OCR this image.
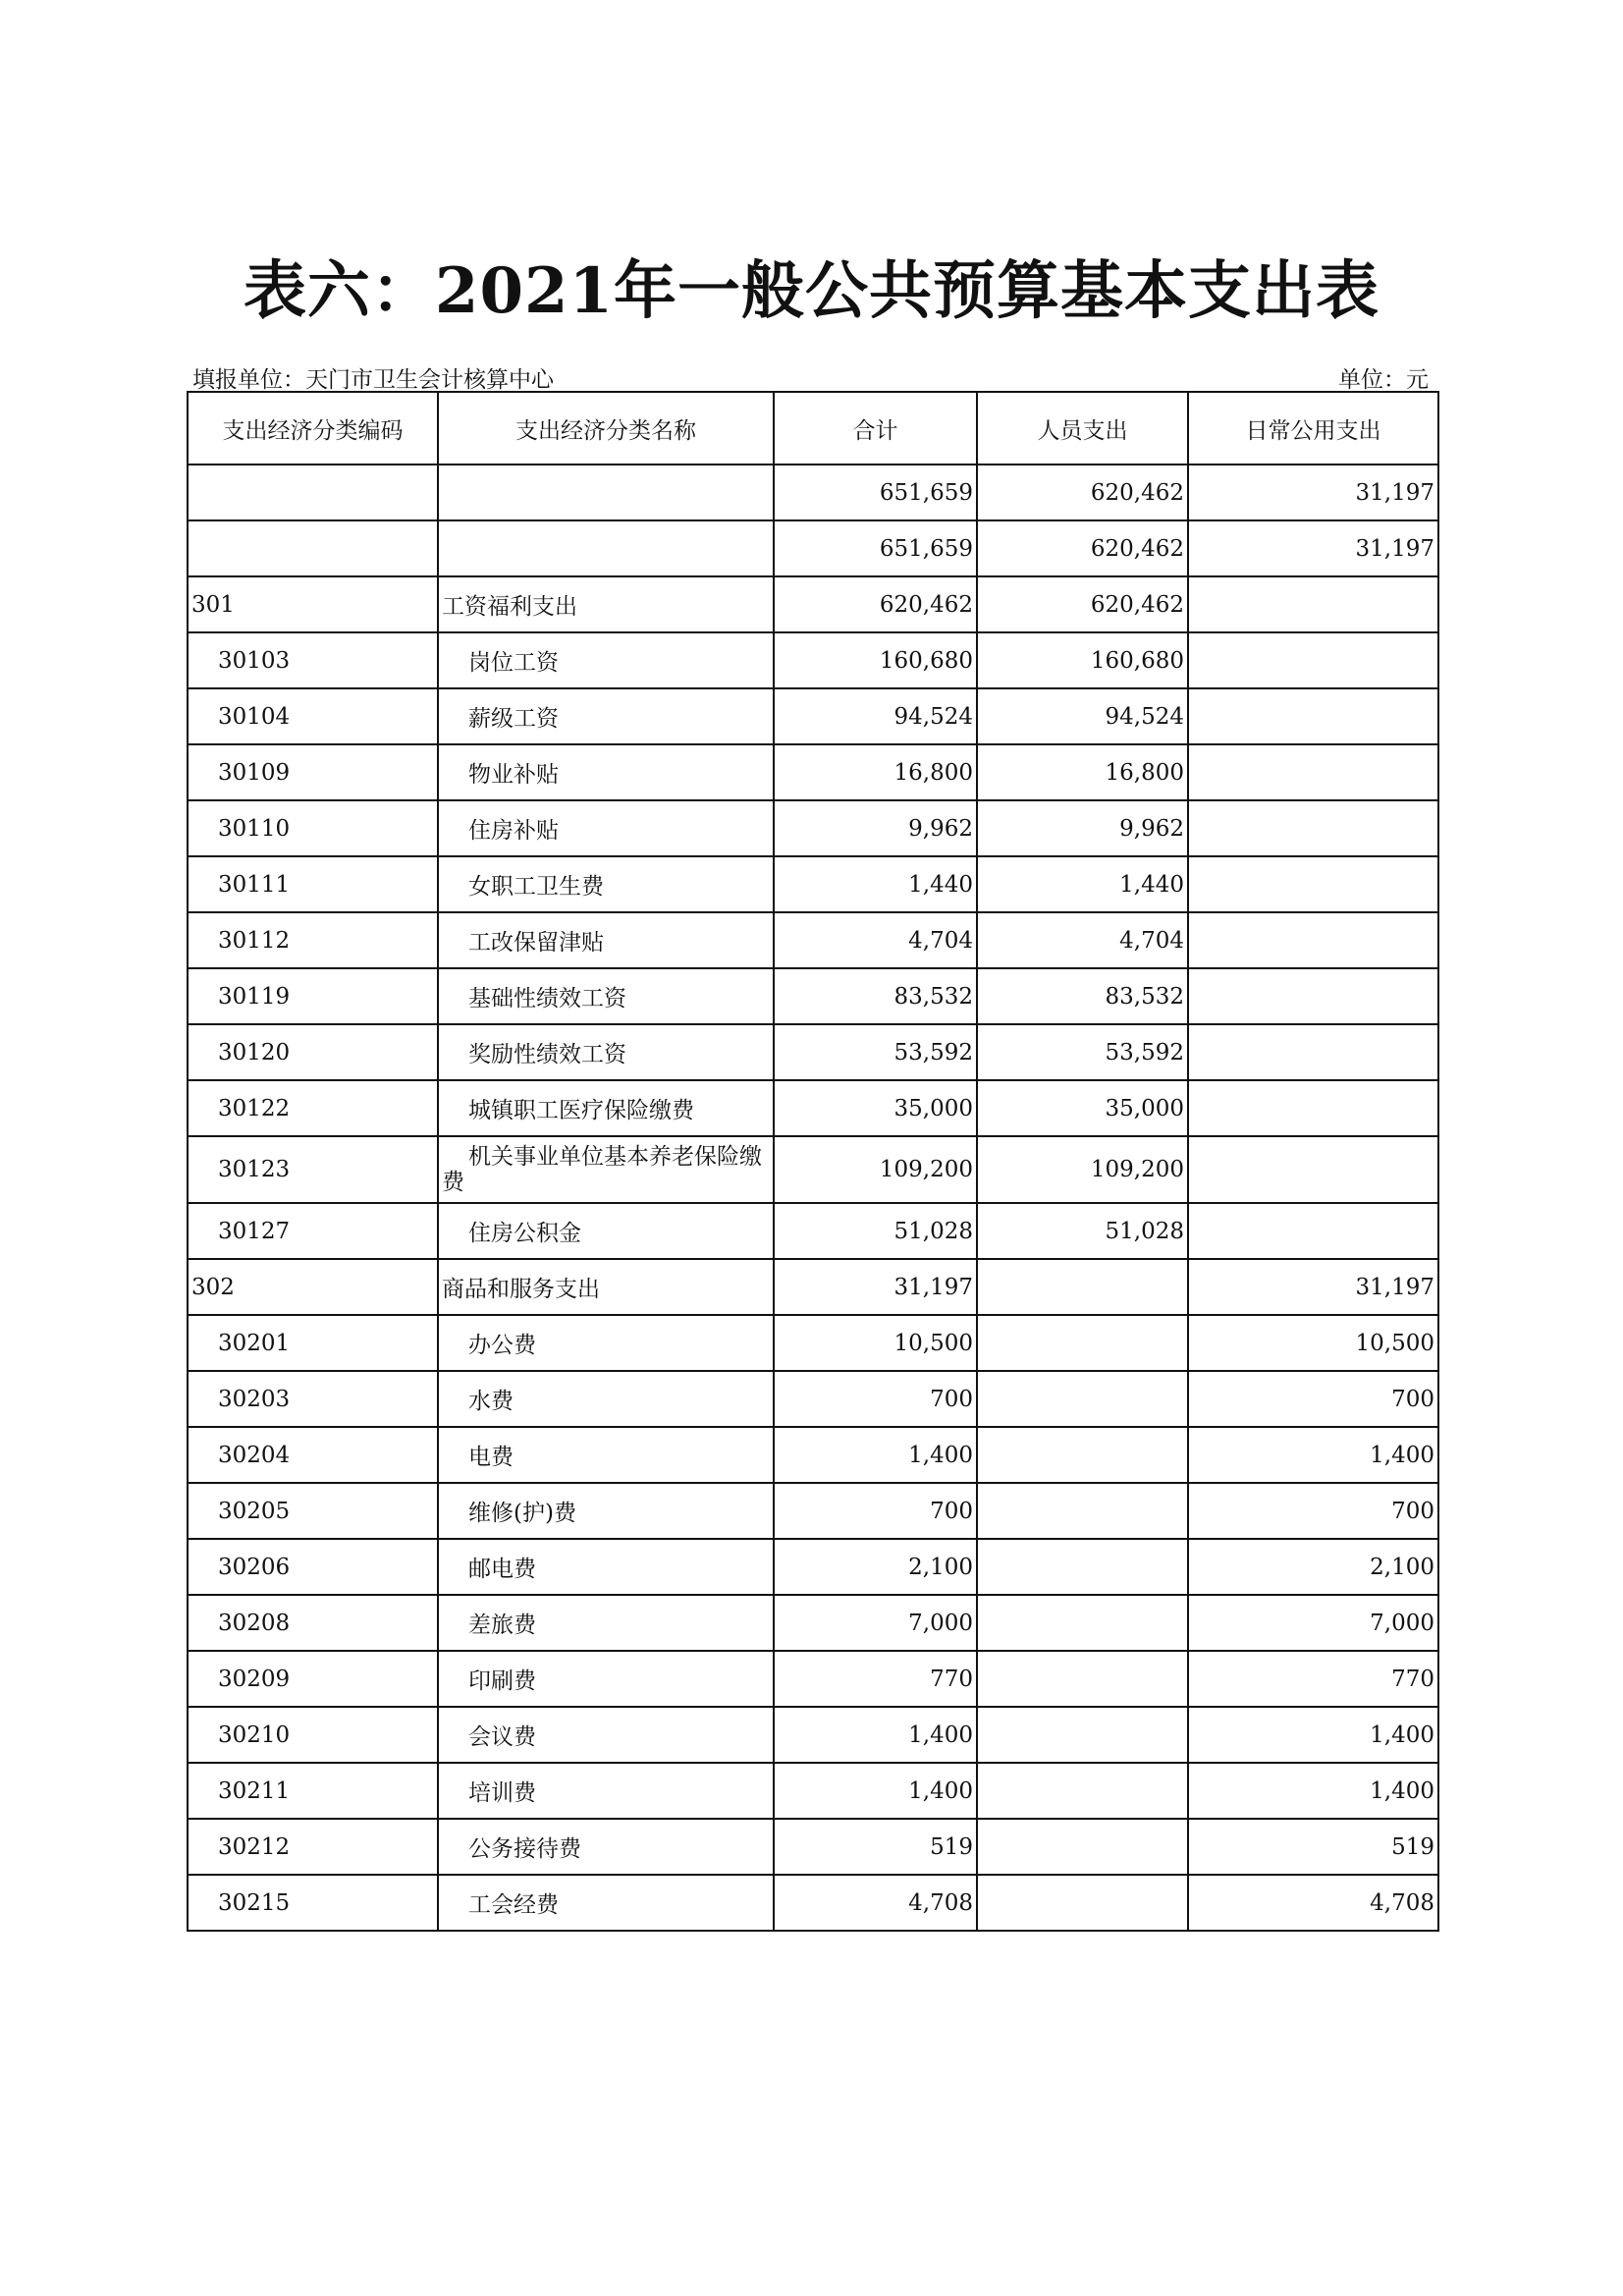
表六：2021年一般公共预算基本支出表
填报单位：天门市卫生会计核算中心	单位：元
支出经济分类编码	支出经济分类名称	合计	人员支出	日常公用支出
		651,659	620,462	31,197
		651,659	620,462	31,197
301	工资福利支出	620,462	620,462	
30103	岗位工资	160,680	160,680	
30104	薪级工资	94,524	94,524	
30109	物业补贴	16,800	16,800	
30110	住房补贴	9,962	9,962	
30111	女职工卫生费	1,440	1,440	
30112	工改保留津贴	4,704	4,704	
30119	基础性绩效工资	83,532	83,532	
30120	奖励性绩效工资	53,592	53,592	
30122	城镇职工医疗保险缴费	35,000	35,000	
30123	机关事业单位基本养老保险缴费	109,200	109,200	
30127	住房公积金	51,028	51,028	
302	商品和服务支出	31,197		31,197
30201	办公费	10,500		10,500
30203	水费	700		700
30204	电费	1,400		1,400
30205	维修(护)费	700		700
30206	邮电费	2,100		2,100
30208	差旅费	7,000		7,000
30209	印刷费	770		770
30210	会议费	1,400		1,400
30211	培训费	1,400		1,400
30212	公务接待费	519		519
30215	工会经费	4,708		4,708
